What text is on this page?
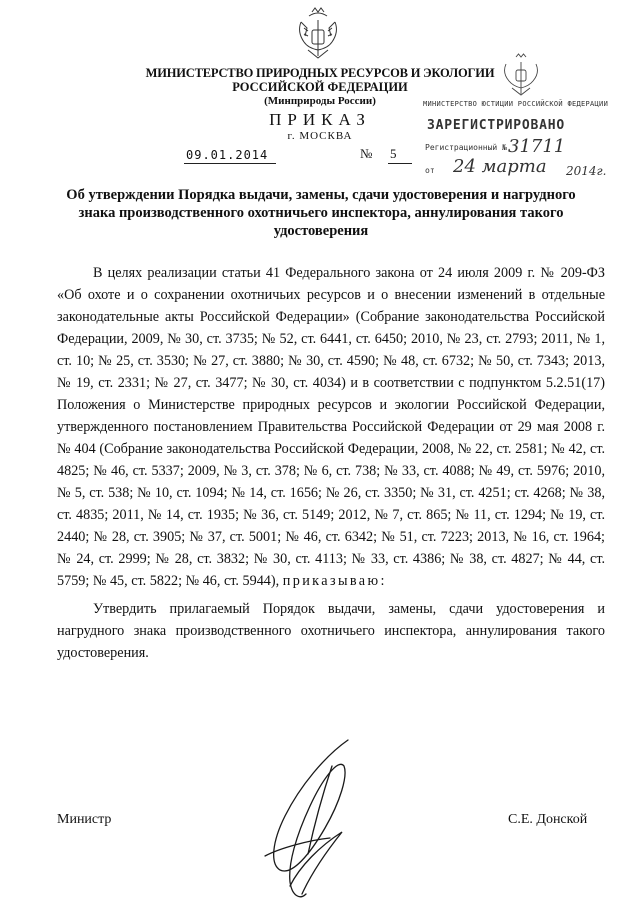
МИНИСТЕРСТВО ПРИРОДНЫХ РЕСУРСОВ И ЭКОЛОГИИ
РОССИЙСКОЙ ФЕДЕРАЦИИ
(Минприроды России)
ПРИКАЗ
г. МОСКВА
09.01.2014	№ 5
МИНИСТЕРСТВО ЮСТИЦИИ РОССИЙСКОЙ ФЕДЕРАЦИИ
ЗАРЕГИСТРИРОВАНО
Регистрационный № 31711
от 24 марта 2014г.
Об утверждении Порядка выдачи, замены, сдачи удостоверения и нагрудного знака производственного охотничьего инспектора, аннулирования такого удостоверения

В целях реализации статьи 41 Федерального закона от 24 июля 2009 г. № 209-ФЗ «Об охоте и о сохранении охотничьих ресурсов и о внесении изменений в отдельные законодательные акты Российской Федерации» (Собрание законодательства Российской Федерации, 2009, № 30, ст. 3735; № 52, ст. 6441, ст. 6450; 2010, № 23, ст. 2793; 2011, № 1, ст. 10; № 25, ст. 3530; № 27, ст. 3880; № 30, ст. 4590; № 48, ст. 6732; № 50, ст. 7343; 2013, № 19, ст. 2331; № 27, ст. 3477; № 30, ст. 4034) и в соответствии с подпунктом 5.2.51(17) Положения о Министерстве природных ресурсов и экологии Российской Федерации, утвержденного постановлением Правительства Российской Федерации от 29 мая 2008 г. № 404 (Собрание законодательства Российской Федерации, 2008, № 22, ст. 2581; № 42, ст. 4825; № 46, ст. 5337; 2009, № 3, ст. 378; № 6, ст. 738; № 33, ст. 4088; № 49, ст. 5976; 2010, № 5, ст. 538; № 10, ст. 1094; № 14, ст. 1656; № 26, ст. 3350; № 31, ст. 4251; ст. 4268; № 38, ст. 4835; 2011, № 14, ст. 1935; № 36, ст. 5149; 2012, № 7, ст. 865; № 11, ст. 1294; № 19, ст. 2440; № 28, ст. 3905; № 37, ст. 5001; № 46, ст. 6342; № 51, ст. 7223; 2013, № 16, ст. 1964; № 24, ст. 2999; № 28, ст. 3832; № 30, ст. 4113; № 33, ст. 4386; № 38, ст. 4827; № 44, ст. 5759; № 45, ст. 5822; № 46, ст. 5944), приказываю:

Утвердить прилагаемый Порядок выдачи, замены, сдачи удостоверения и нагрудного знака производственного охотничьего инспектора, аннулирования такого удостоверения.

Министр	С.Е. Донской
